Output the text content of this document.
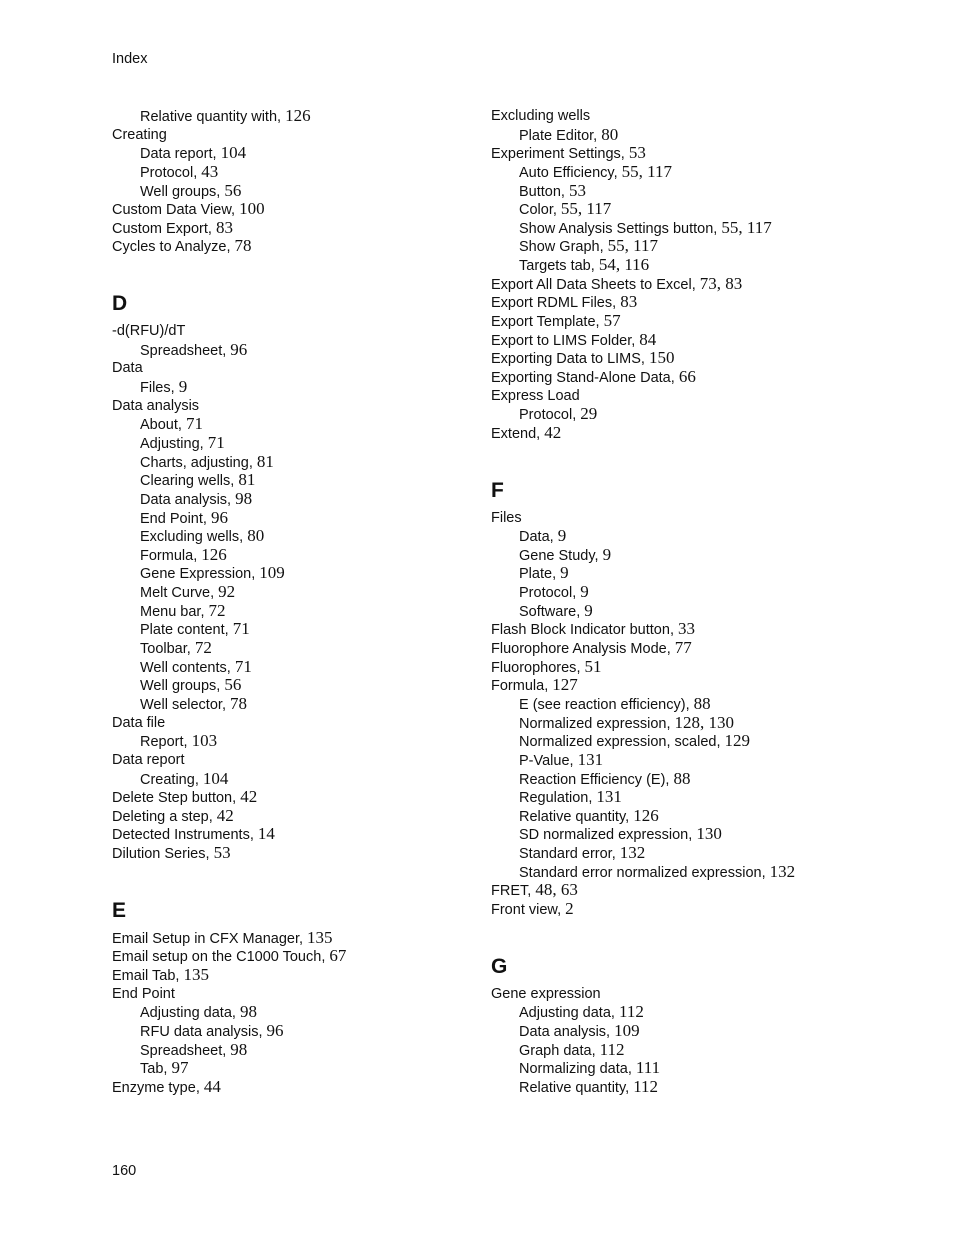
Index
Relative quantity with, 126
Creating
Data report, 104
Protocol, 43
Well groups, 56
Custom Data View, 100
Custom Export, 83
Cycles to Analyze, 78
D
-d(RFU)/dT
Spreadsheet, 96
Data
Files, 9
Data analysis
About, 71
Adjusting, 71
Charts, adjusting, 81
Clearing wells, 81
Data analysis, 98
End Point, 96
Excluding wells, 80
Formula, 126
Gene Expression, 109
Melt Curve, 92
Menu bar, 72
Plate content, 71
Toolbar, 72
Well contents, 71
Well groups, 56
Well selector, 78
Data file
Report, 103
Data report
Creating, 104
Delete Step button, 42
Deleting a step, 42
Detected Instruments, 14
Dilution Series, 53
E
Email Setup in CFX Manager, 135
Email setup on the C1000 Touch, 67
Email Tab, 135
End Point
Adjusting data, 98
RFU data analysis, 96
Spreadsheet, 98
Tab, 97
Enzyme type, 44
Excluding wells
Plate Editor, 80
Experiment Settings, 53
Auto Efficiency, 55, 117
Button, 53
Color, 55, 117
Show Analysis Settings button, 55, 117
Show Graph, 55, 117
Targets tab, 54, 116
Export All Data Sheets to Excel, 73, 83
Export RDML Files, 83
Export Template, 57
Export to LIMS Folder, 84
Exporting Data to LIMS, 150
Exporting Stand-Alone Data, 66
Express Load
Protocol, 29
Extend, 42
F
Files
Data, 9
Gene Study, 9
Plate, 9
Protocol, 9
Software, 9
Flash Block Indicator button, 33
Fluorophore Analysis Mode, 77
Fluorophores, 51
Formula, 127
E (see reaction efficiency), 88
Normalized expression, 128, 130
Normalized expression, scaled, 129
P-Value, 131
Reaction Efficiency (E), 88
Regulation, 131
Relative quantity, 126
SD normalized expression, 130
Standard error, 132
Standard error normalized expression, 132
FRET, 48, 63
Front view, 2
G
Gene expression
Adjusting data, 112
Data analysis, 109
Graph data, 112
Normalizing data, 111
Relative quantity, 112
160
